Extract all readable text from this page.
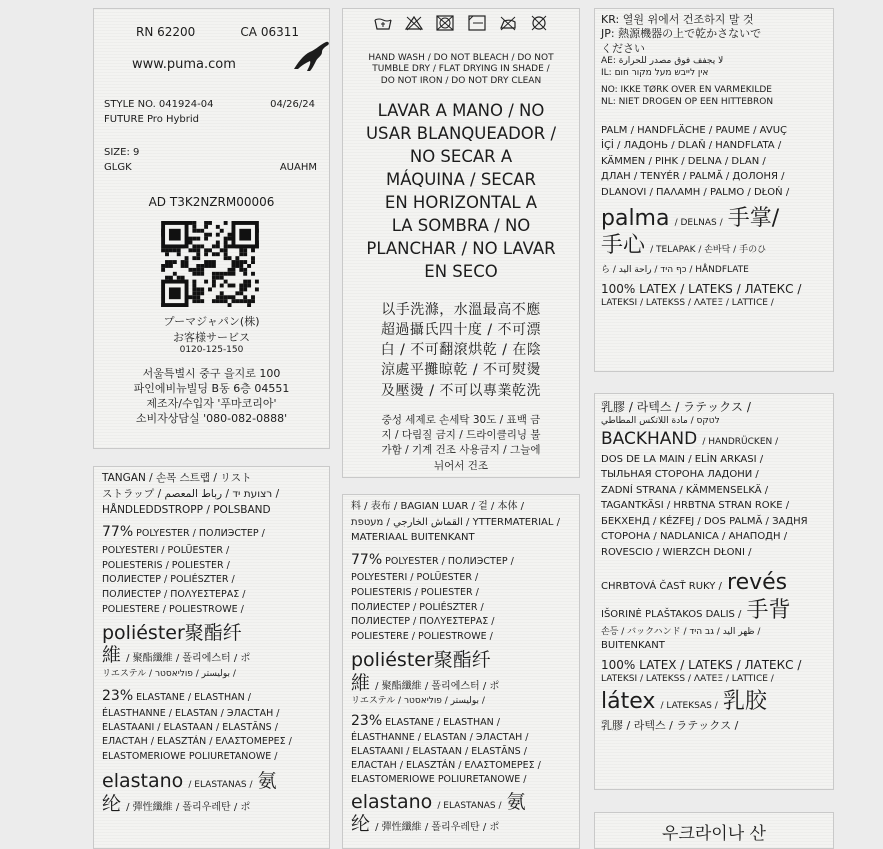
RN 62200	CA 06311
www.puma.com
STYLE NO. 041924-04	04/26/24
FUTURE Pro Hybrid
SIZE: 9
GLGK	AUAHM
AD T3K2NZRM00006
プーマジャパン(株)
お客様サービス
0120-125-150
서울특별시 중구 을지로 100
파인에비뉴빌딩 B동 6층 04551
제조자/수입자 '푸마코리아'
소비자상담실 '080-082-0888'

HAND WASH / DO NOT BLEACH / DO NOT
TUMBLE DRY / FLAT DRYING IN SHADE /
DO NOT IRON / DO NOT DRY CLEAN
LAVAR A MANO / NO
USAR BLANQUEADOR /
NO SECAR A
MÁQUINA / SECAR
EN HORIZONTAL A
LA SOMBRA / NO
PLANCHAR / NO LAVAR
EN SECO
以手洗滌，水溫最高不應
超過攝氏四十度 / 不可漂
白 / 不可翻滾烘乾 / 在陰
涼處平攤晾乾 / 不可熨燙
及壓燙 / 不可以專業乾洗
중성 세제로 손세탁 30도 / 표백 금
지 / 다림질 금지 / 드라이클리닝 불
가함 / 기계 건조 사용금지 / 그늘에
뉘어서 건조
KR: 열원 위에서 건조하지 말 것
JP: 熱源機器の上で乾かさないで
ください
AE: لا يجفف فوق مصدر للحرارة
IL: אין לייבש מעל מקור חום
NO: IKKE TØRK OVER EN VARMEKILDE
NL: NIET DROGEN OP EEN HITTEBRON
PALM / HANDFLÄCHE / PAUME / AVUÇ
İÇİ / ЛАДОНЬ / DLAŇ / HANDFLATA /
KÄMMEN / PIHK / DELNA / DLAN /
ДЛАН / TENYÉR / PALMĂ / ДОЛОНЯ /
DLANOVI / ΠΑΛΑΜΗ / PALMO / DŁOŃ /
palma / DELNAS / 手掌/
手心 / TELAPAK / 손바닥 / 手のひ
ら / כף היד / راحة اليد / HÅNDFLATE
100% LATEX / LATEKS / ЛАТЕКС /
LATEKSI / LATEKSS / ΛΑΤΕΞ / LATTICE /
TANGAN / 손목 스트랩 / リスト
ストラップ / רצועת יד / رباط المعصم /
HÅNDLEDDSTROPP / POLSBAND
77% POLYESTER / ПОЛИЭСТЕР /
POLYESTERI / POLÜESTER /
POLIESTERIS / POLIESTER /
ПОЛИЕСТЕР / POLIÉSZTER /
ПОЛИЕСТЕР / ΠΟΛΥΕΣΤΕΡΑΣ /
POLIESTERE / POLIESTROWE /
poliéster聚酯纤
維 / 聚酯纖維 / 폴리에스터 / ポ
リエステル / بوليستر / פוליאסטר /
23% ELASTANE / ELASTHAN /
ÉLASTHANNE / ELASTAN / ЭЛАСТАН /
ELASTAANI / ELASTAAN / ELASTĀNS /
ЕЛАСТАН / ELASZTÁN / ΕΛΑΣΤΟΜΕΡΕΣ /
ELASTOMERIOWE POLIURETANOWE /
elastano / ELASTANAS / 氨
纶 / 彈性纖維 / 폴리우레탄 / ポ
料 / 表布 / BAGIAN LUAR / 겉 / 本体 /
القماش الخارجي / מעטפת / YTTERMATERIAL /
MATERIAAL BUITENKANT
77% POLYESTER / ПОЛИЭСТЕР /
POLYESTERI / POLÜESTER /
POLIESTERIS / POLIESTER /
ПОЛИЕСТЕР / POLIÉSZTER /
ПОЛИЕСТЕР / ΠΟΛΥΕΣΤΕΡΑΣ /
POLIESTERE / POLIESTROWE /
poliéster聚酯纤
維 / 聚酯纖維 / 폴리에스터 / ポ
リエステル / بوليستر / פוליאסטר /
23% ELASTANE / ELASTHAN /
ÉLASTHANNE / ELASTAN / ЭЛАСТАН /
ELASTAANI / ELASTAAN / ELASTĀNS /
ЕЛАСТАН / ELASZTÁN / ΕΛΑΣΤΟΜΕΡΕΣ /
ELASTOMERIOWE POLIURETANOWE /
elastano / ELASTANAS / 氨
纶 / 彈性纖維 / 폴리우레탄 / ポ
乳膠 / 라텍스 / ラテックス /
לטקס / مادة اللاتكس المطاطي
BACKHAND / HANDRÜCKEN /
DOS DE LA MAIN / ELİN ARKASI /
ТЫЛЬНАЯ СТОРОНА ЛАДОНИ /
ZADNÍ STRANA / KÄMMENSELKÄ /
TAGANTKÄSI / HRBTNA STRAN ROKE /
БЕКХЕНД / KÉZFEJ / DOS PALMĂ / ЗАДНЯ
СТОРОНА / NADLANICA / АНАПОДН /
ROVESCIO / WIERZCH DŁONI /
CHRBTOVÁ ČASŤ RUKY / revés
IŠORINĖ PLAŠTAKOS DALIS / 手背
손등 / バックハンド / ظهر اليد / גב היד /
BUITENKANT
100% LATEX / LATEKS / ЛАТЕКС /
LATEKSI / LATEKSS / ΛΑΤΕΞ / LATTICE /
látex / LATEKSAS / 乳胶
乳膠 / 라텍스 / ラテックス /
우크라이나 산
